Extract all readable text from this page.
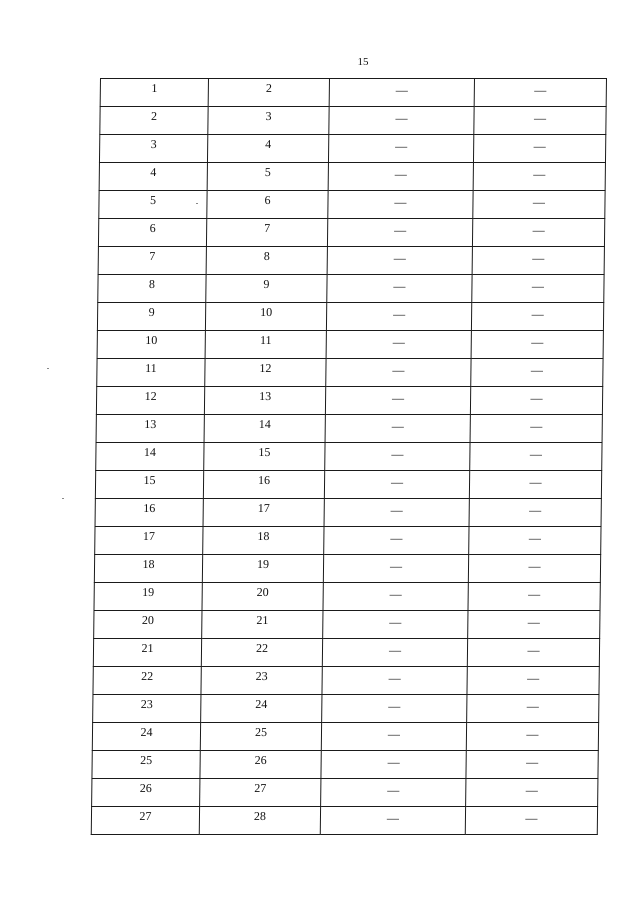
15
1	2	—	—
2	3	—	—
3	4	—	—
4	5	—	—
5	6	—	—
6	7	—	—
7	8	—	—
8	9	—	—
9	10	—	—
10	11	—	—
11	12	—	—
12	13	—	—
13	14	—	—
14	15	—	—
15	16	—	—
16	17	—	—
17	18	—	—
18	19	—	—
19	20	—	—
20	21	—	—
21	22	—	—
22	23	—	—
23	24	—	—
24	25	—	—
25	26	—	—
26	27	—	—
27	28	—	—
